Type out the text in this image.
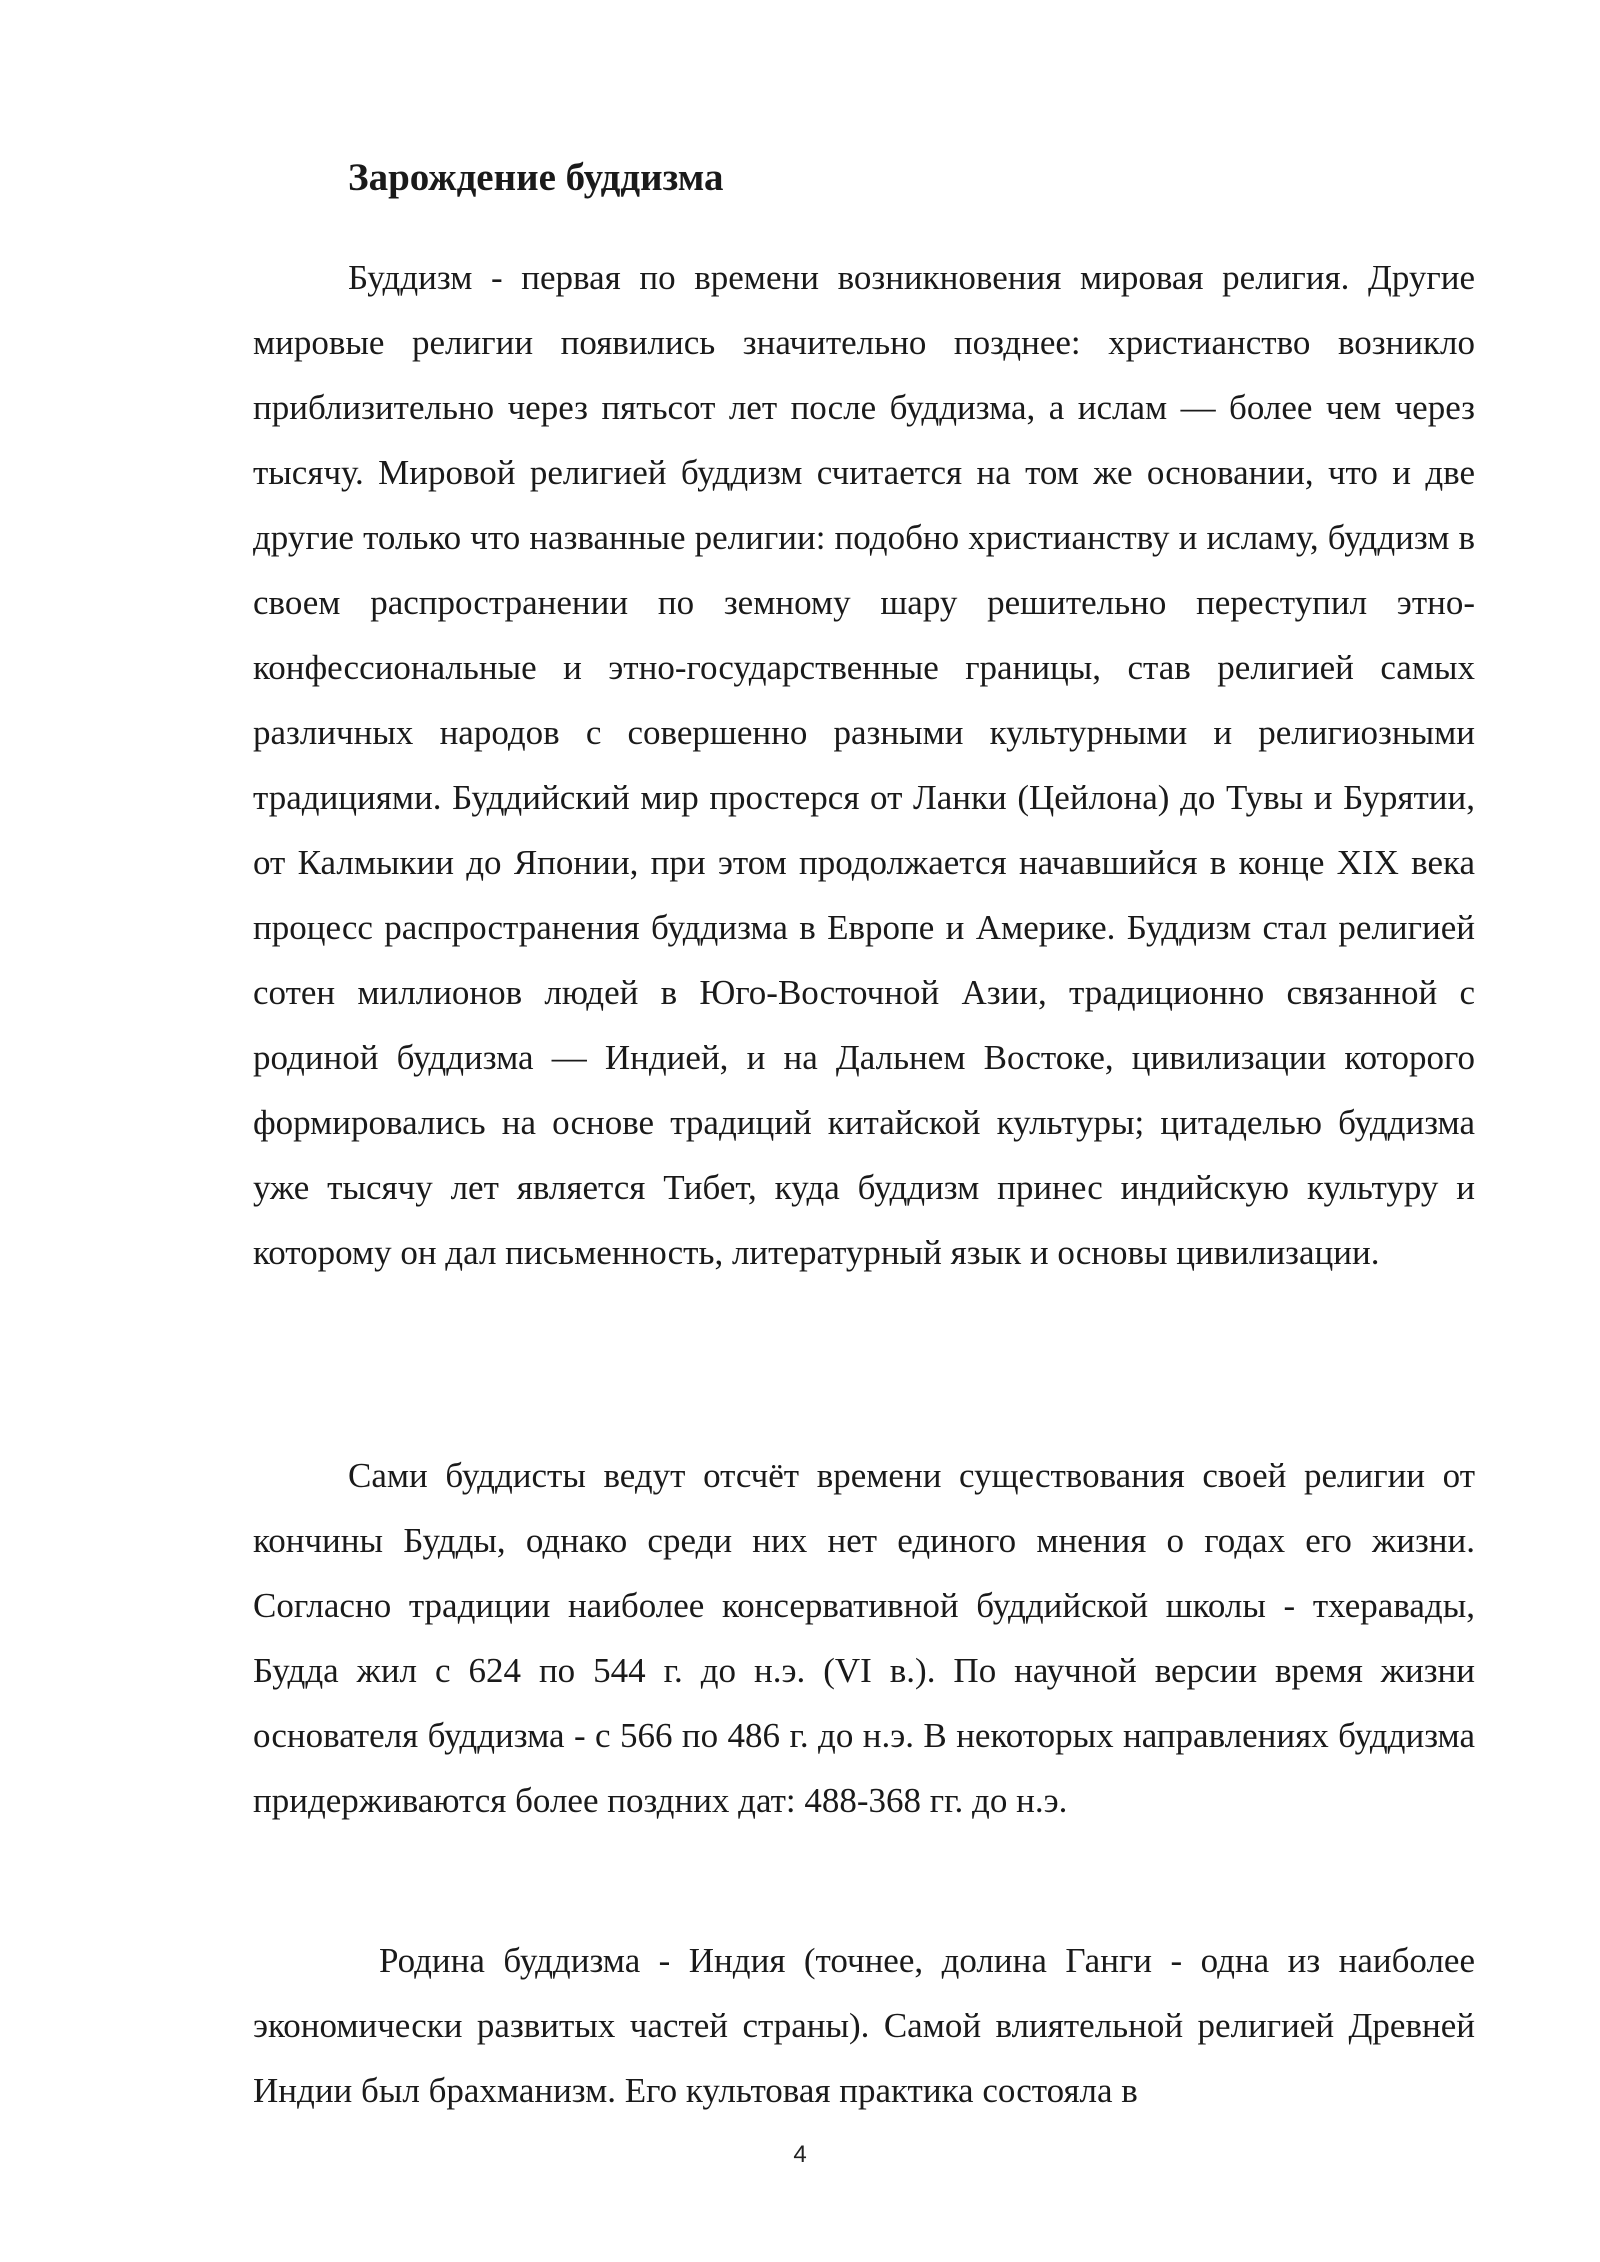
Зарождение буддизма

Буддизм - первая по времени возникновения мировая религия. Другие мировые религии появились значительно позднее: христианство возникло приблизительно через пятьсот лет после буддизма, а ислам — более чем через тысячу. Мировой религией буддизм считается на том же основании, что и две другие только что названные религии: подобно христианству и исламу, буддизм в своем распространении по земному шару решительно переступил этно-конфессиональные и этно-государственные границы, став религией самых различных народов с совершенно разными культурными и религиозными традициями. Буддийский мир простерся от Ланки (Цейлона) до Тувы и Бурятии, от Калмыкии до Японии, при этом продолжается начавшийся в конце XIX века процесс распространения буддизма в Европе и Америке. Буддизм стал религией сотен миллионов людей в Юго-Восточной Азии, традиционно связанной с родиной буддизма — Индией, и на Дальнем Востоке, цивилизации которого формировались на основе традиций китайской культуры; цитаделью буддизма уже тысячу лет является Тибет, куда буддизм принес индийскую культуру и которому он дал письменность, литературный язык и основы цивилизации.

Сами буддисты ведут отсчёт времени существования своей религии от кончины Будды, однако среди них нет единого мнения о годах его жизни. Согласно традиции наиболее консервативной буддийской школы - тхеравады, Будда жил с 624 по 544 г. до н.э. (VI в.). По научной версии время жизни основателя буддизма - с 566 по 486 г. до н.э. В некоторых направлениях буддизма придерживаются более поздних дат: 488-368 гг. до н.э.

Родина буддизма - Индия (точнее, долина Ганги - одна из наиболее экономически развитых частей страны). Самой влиятельной религией Древней Индии был брахманизм. Его культовая практика состояла в

4
